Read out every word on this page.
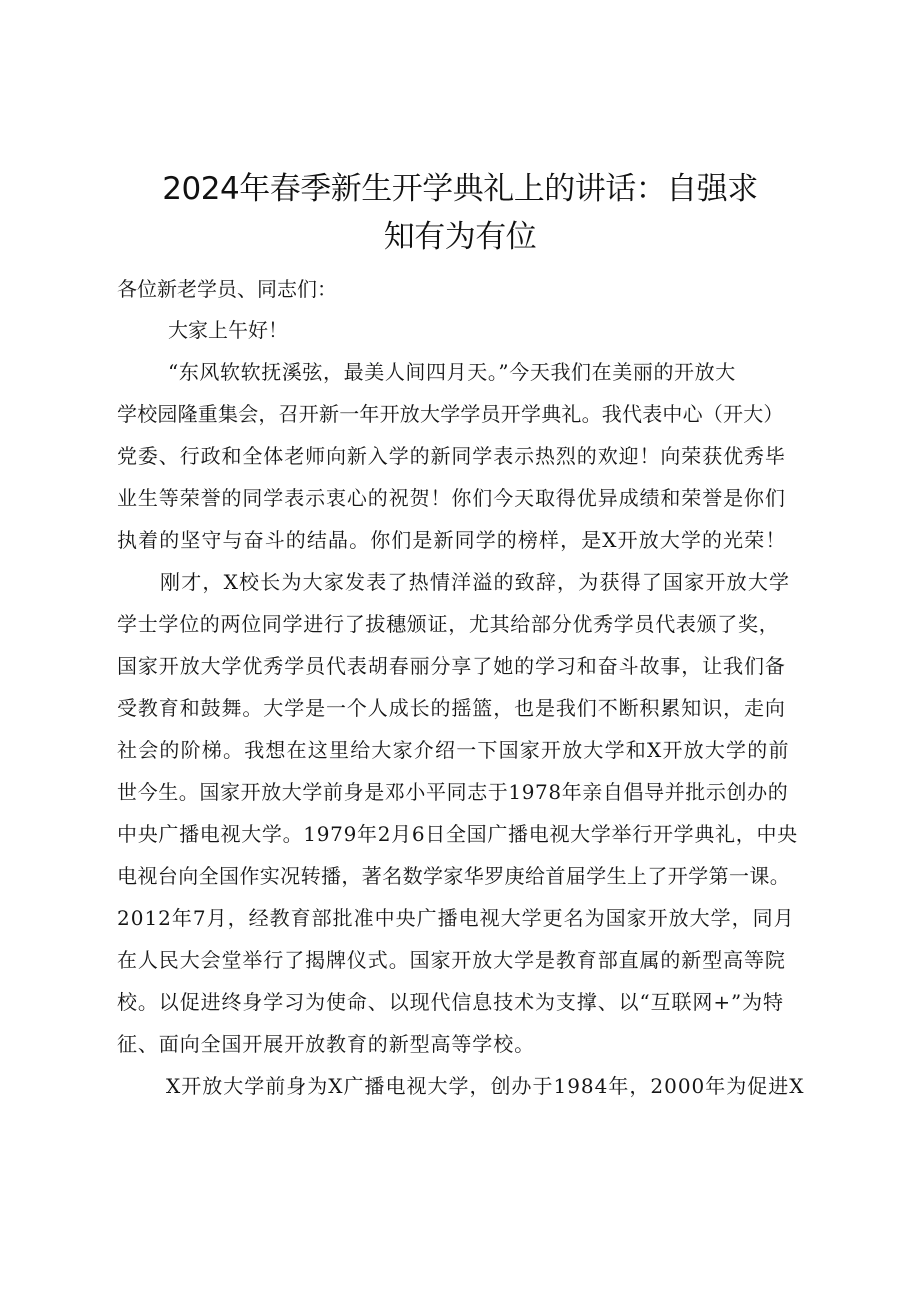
2024年春季新生开学典礼上的讲话：自强求
知有为有位

各位新老学员、同志们：

大家上午好！

“东风软软抚溪弦，最美人间四月天。”今天我们在美丽的开放大

学校园隆重集会，召开新一年开放大学学员开学典礼。我代表中心（开大）

党委、行政和全体老师向新入学的新同学表示热烈的欢迎！向荣获优秀毕

业生等荣誉的同学表示衷心的祝贺！你们今天取得优异成绩和荣誉是你们

执着的坚守与奋斗的结晶。你们是新同学的榜样，是X开放大学的光荣！

刚才，X校长为大家发表了热情洋溢的致辞，为获得了国家开放大学

学士学位的两位同学进行了拔穗颁证，尤其给部分优秀学员代表颁了奖，

国家开放大学优秀学员代表胡春丽分享了她的学习和奋斗故事，让我们备

受教育和鼓舞。大学是一个人成长的摇篮，也是我们不断积累知识，走向

社会的阶梯。我想在这里给大家介绍一下国家开放大学和X开放大学的前

世今生。国家开放大学前身是邓小平同志于1978年亲自倡导并批示创办的

中央广播电视大学。1979年2月6日全国广播电视大学举行开学典礼，中央

电视台向全国作实况转播，著名数学家华罗庚给首届学生上了开学第一课。

2012年7月，经教育部批准中央广播电视大学更名为国家开放大学，同月

在人民大会堂举行了揭牌仪式。国家开放大学是教育部直属的新型高等院

校。以促进终身学习为使命、以现代信息技术为支撑、以“互联网+”为特

征、面向全国开展开放教育的新型高等学校。

X开放大学前身为X广播电视大学，创办于1984年，2000年为促进X
